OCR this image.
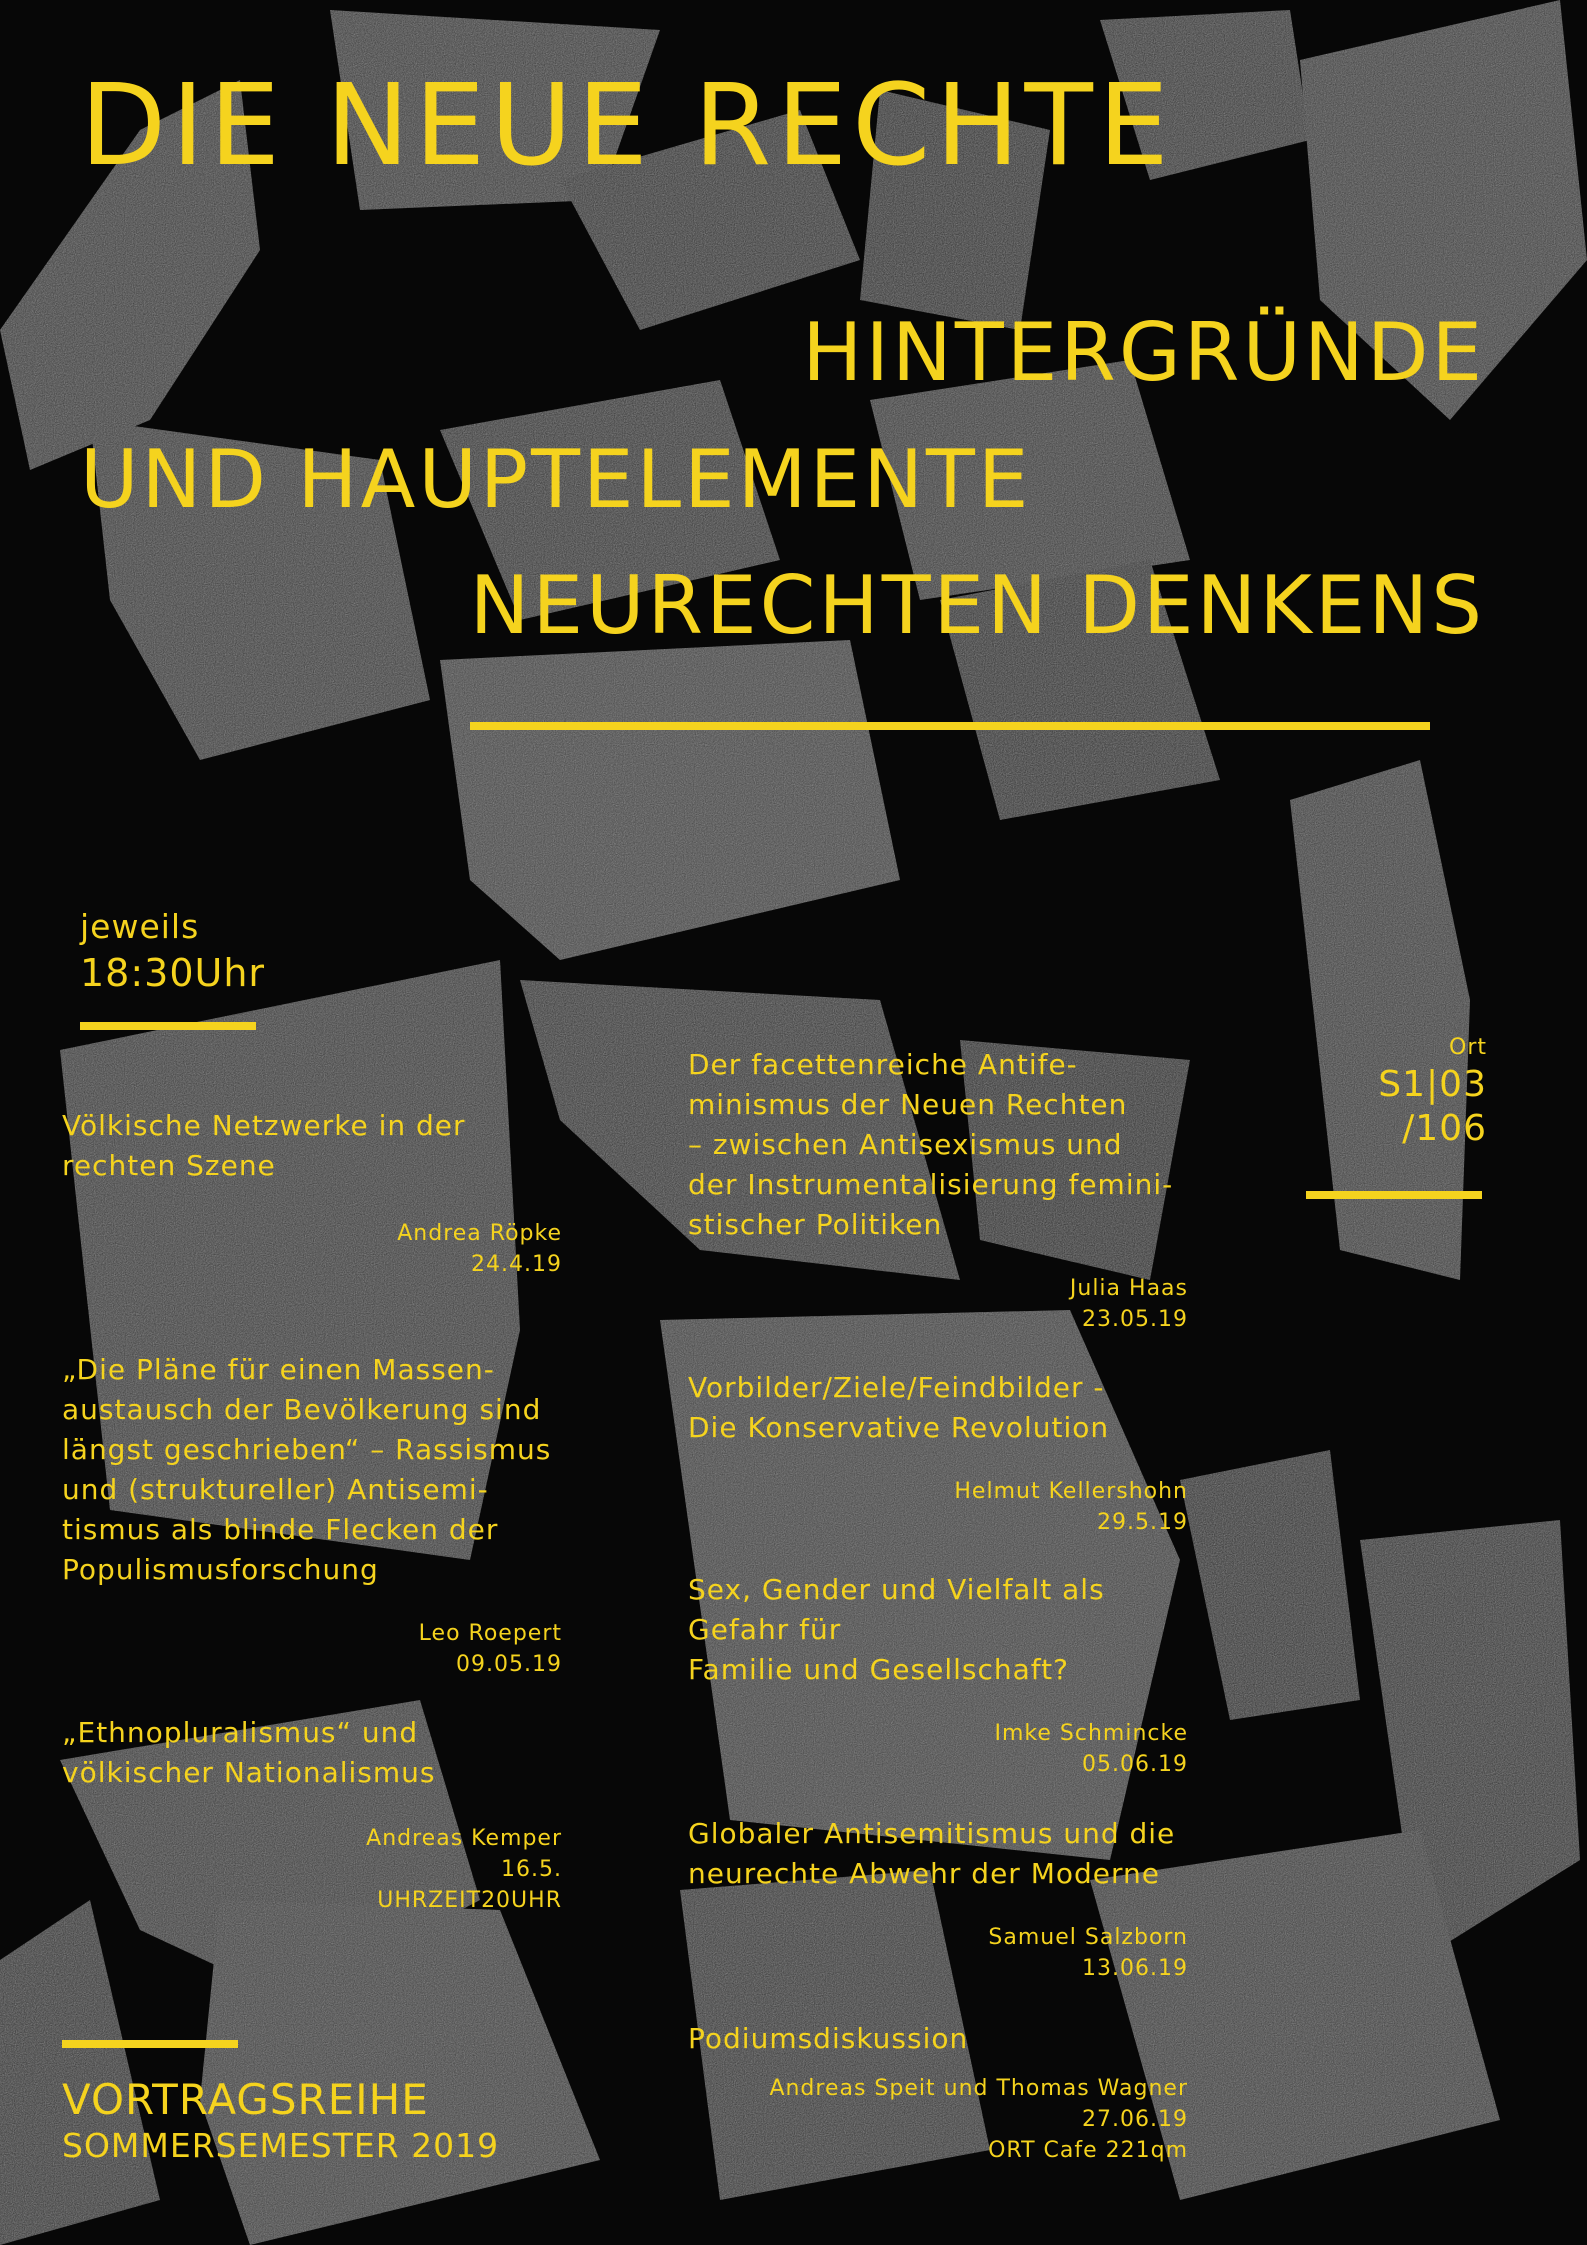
DIE NEUE RECHTE
HINTERGRÜNDE
UND HAUPTELEMENTE
NEURECHTEN DENKENS
jeweils
18:30Uhr
Ort
S1|03
/106
Völkische Netzwerke in der
rechten Szene
Andrea Röpke
24.4.19
„Die Pläne für einen Massen-
austausch der Bevölkerung sind
längst geschrieben“ – Rassismus
und (struktureller) Antisemi-
tismus als blinde Flecken der
Populismusforschung
Leo Roepert
09.05.19
„Ethnopluralismus“ und
völkischer Nationalismus
Andreas Kemper
16.5.
UHRZEIT20UHR
Der facettenreiche Antife-
minismus der Neuen Rechten
– zwischen Antisexismus und
der Instrumentalisierung femini-
stischer Politiken
Julia Haas
23.05.19
Vorbilder/Ziele/Feindbilder -
Die Konservative Revolution
Helmut Kellershohn
29.5.19
Sex, Gender und Vielfalt als
Gefahr für
Familie und Gesellschaft?
Imke Schmincke
05.06.19
Globaler Antisemitismus und die
neurechte Abwehr der Moderne
Samuel Salzborn
13.06.19
Podiumsdiskussion
Andreas Speit und Thomas Wagner
27.06.19
ORT Cafe 221qm
VORTRAGSREIHE
SOMMERSEMESTER 2019
